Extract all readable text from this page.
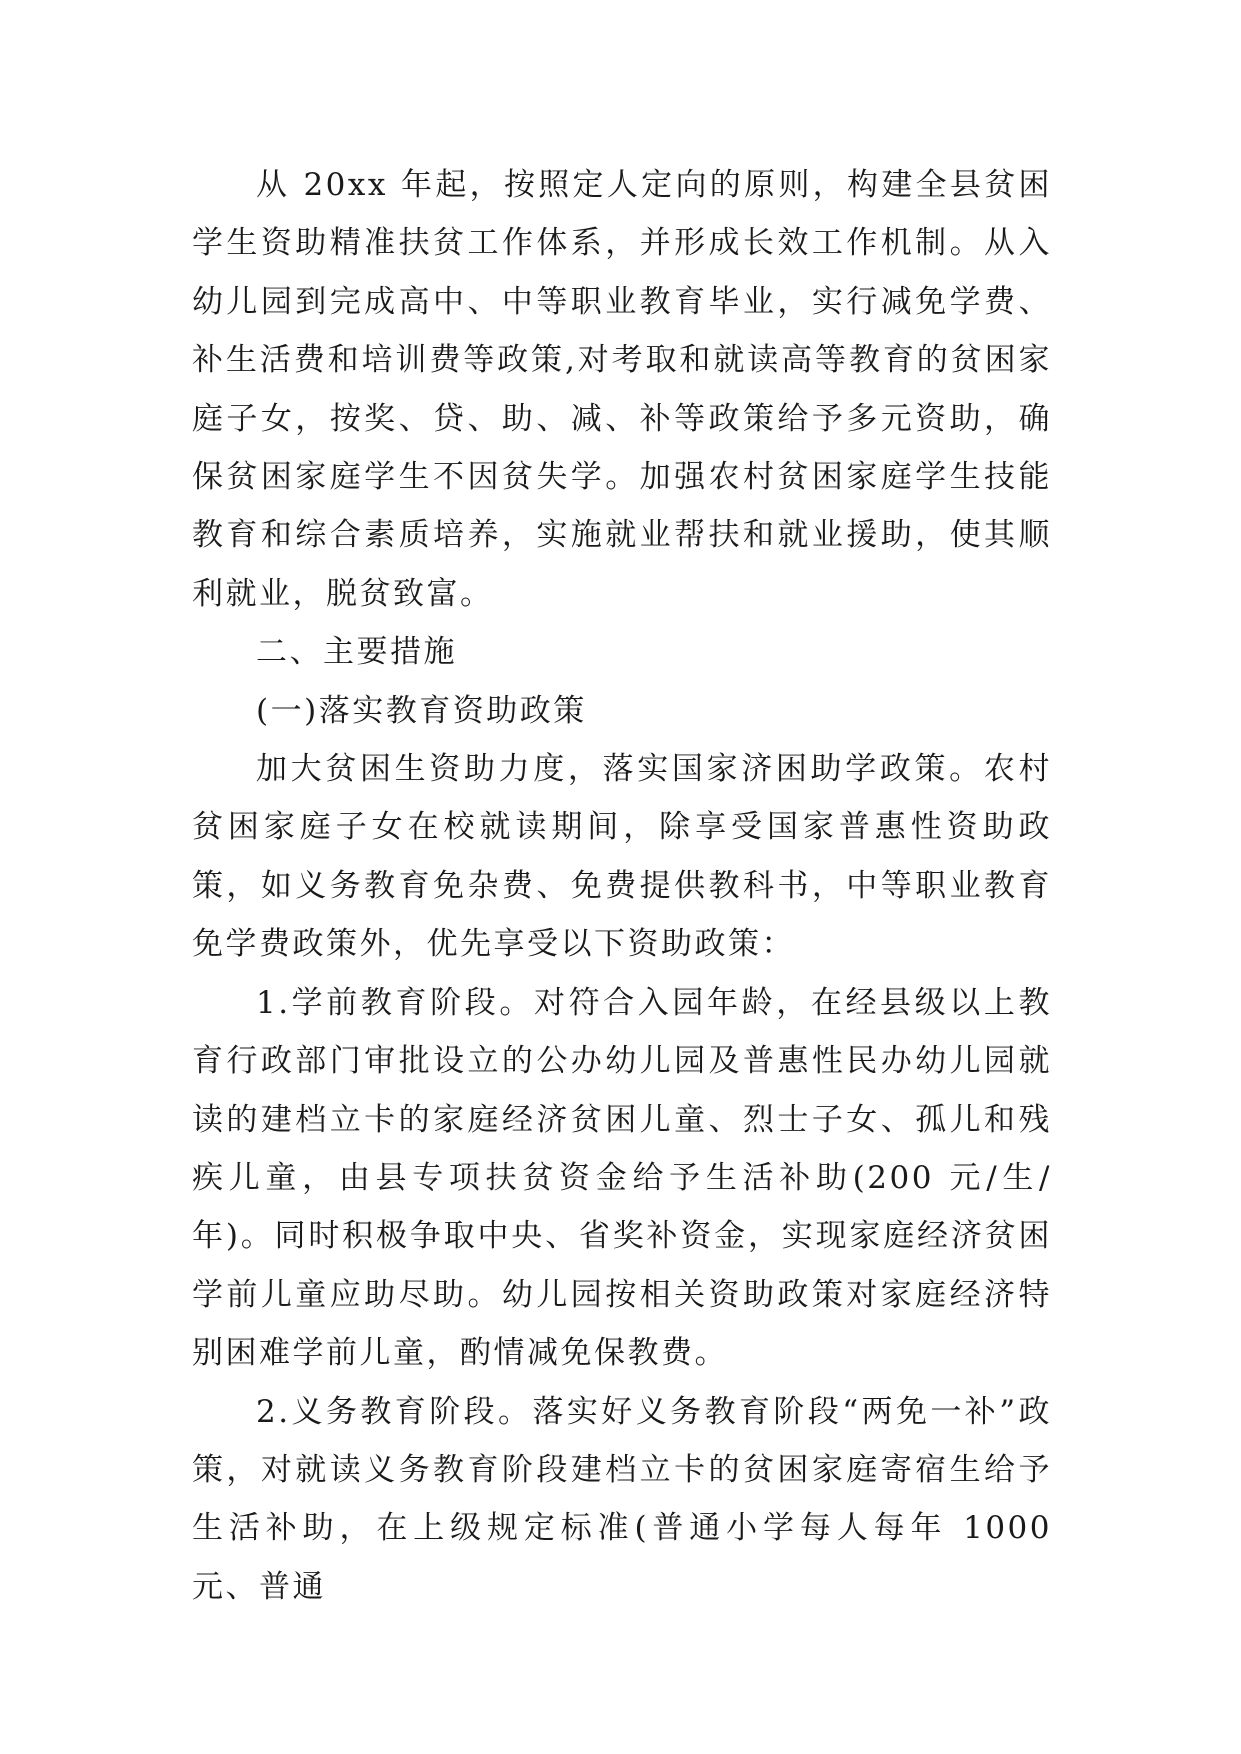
从 20xx 年起，按照定人定向的原则，构建全县贫困学生资助精准扶贫工作体系，并形成长效工作机制。从入幼儿园到完成高中、中等职业教育毕业，实行减免学费、补生活费和培训费等政策,对考取和就读高等教育的贫困家庭子女，按奖、贷、助、减、补等政策给予多元资助，确保贫困家庭学生不因贫失学。加强农村贫困家庭学生技能教育和综合素质培养，实施就业帮扶和就业援助，使其顺利就业，脱贫致富。

二、主要措施

(一)落实教育资助政策

加大贫困生资助力度，落实国家济困助学政策。农村贫困家庭子女在校就读期间，除享受国家普惠性资助政策，如义务教育免杂费、免费提供教科书，中等职业教育免学费政策外，优先享受以下资助政策：

1.学前教育阶段。对符合入园年龄，在经县级以上教育行政部门审批设立的公办幼儿园及普惠性民办幼儿园就读的建档立卡的家庭经济贫困儿童、烈士子女、孤儿和残疾儿童，由县专项扶贫资金给予生活补助(200 元/生/年)。同时积极争取中央、省奖补资金，实现家庭经济贫困学前儿童应助尽助。幼儿园按相关资助政策对家庭经济特别困难学前儿童，酌情减免保教费。

2.义务教育阶段。落实好义务教育阶段“两免一补”政策，对就读义务教育阶段建档立卡的贫困家庭寄宿生给予生活补助，在上级规定标准(普通小学每人每年 1000 元、普通
